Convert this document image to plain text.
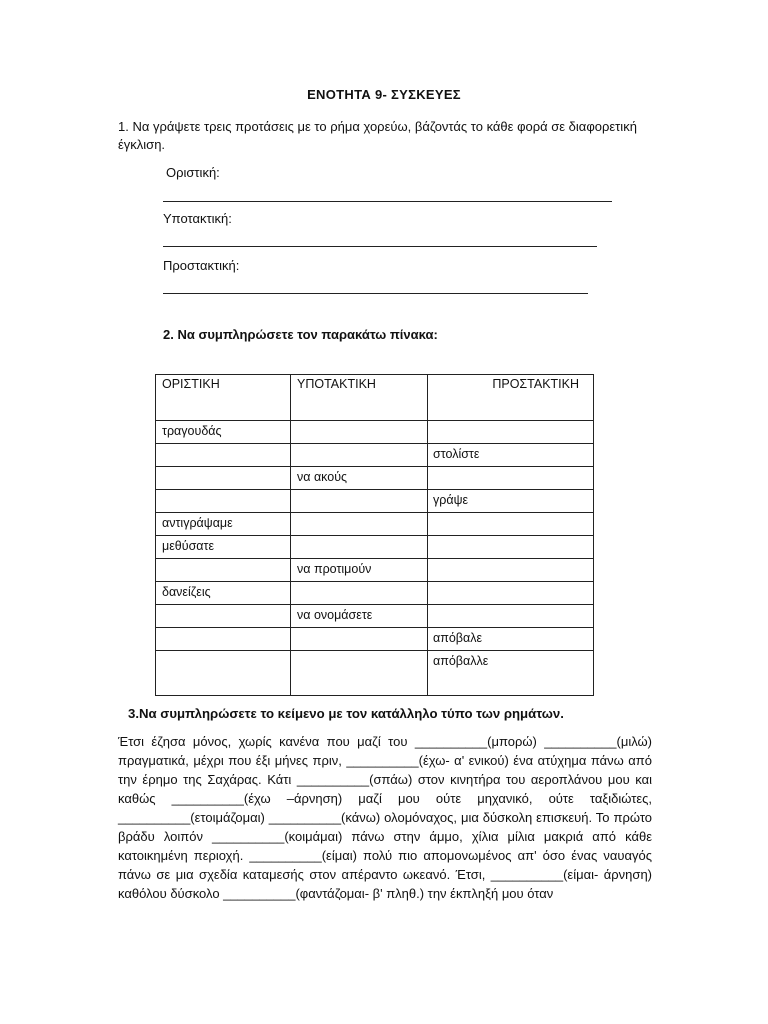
ΕΝΟΤΗΤΑ 9- ΣΥΣΚΕΥΕΣ
1. Να γράψετε τρεις προτάσεις με το ρήμα χορεύω, βάζοντάς το κάθε φορά σε διαφορετική έγκλιση.
Οριστική:
Υποτακτική:
Προστακτική:
2. Να συμπληρώσετε τον παρακάτω πίνακα:
ΟΡΙΣΤΙΚΗ	ΥΠΟΤΑΚΤΙΚΗ	ΠΡΟΣΤΑΚΤΙΚΗ
τραγουδάς		
		στολίστε
	να ακούς	
		γράψε
αντιγράψαμε		
μεθύσατε		
	να προτιμούν	
δανείζεις		
	να ονομάσετε	
		απόβαλε
		απόβαλλε
3.Να συμπληρώσετε το κείμενο με τον κατάλληλο τύπο των ρημάτων.
Έτσι έζησα μόνος, χωρίς κανένα που μαζί του __________(μπορώ) __________(μιλώ) πραγματικά, μέχρι που έξι μήνες πριν, __________(έχω- α' ενικού) ένα ατύχημα πάνω από την έρημο της Σαχάρας. Κάτι __________(σπάω) στον κινητήρα του αεροπλάνου μου και καθώς __________(έχω –άρνηση) μαζί μου ούτε μηχανικό, ούτε ταξιδιώτες, __________(ετοιμάζομαι) __________(κάνω) ολομόναχος, μια δύσκολη επισκευή. Το πρώτο βράδυ λοιπόν __________(κοιμάμαι) πάνω στην άμμο, χίλια μίλια μακριά από κάθε κατοικημένη περιοχή. __________(είμαι) πολύ πιο απομονωμένος απ' όσο ένας ναυαγός πάνω σε μια σχεδία καταμεσής στον απέραντο ωκεανό. Έτσι, __________(είμαι- άρνηση) καθόλου δύσκολο __________(φαντάζομαι- β' πληθ.) την έκπληξή μου όταν
